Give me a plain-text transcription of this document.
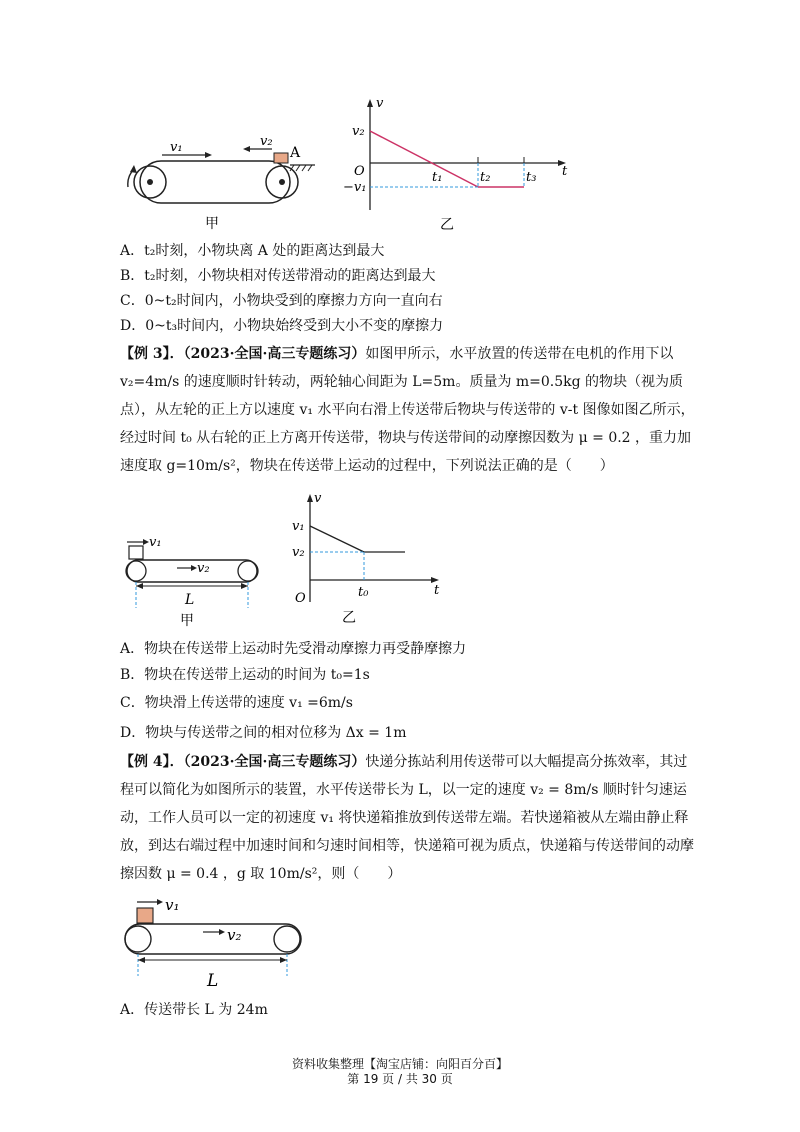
v₁	v₂
A
甲
v
t
O
v₂
−v₁
t₁	t₂	t₃
乙
A．t₂时刻，小物块离 A 处的距离达到最大
B．t₂时刻，小物块相对传送带滑动的距离达到最大
C．0~t₂时间内，小物块受到的摩擦力方向一直向右
D．0~t₃时间内，小物块始终受到大小不变的摩擦力
【例 3】．（2023·全国·高三专题练习）如图甲所示，水平放置的传送带在电机的作用下以 v₂=4m/s 的速度顺时针转动，两轮轴心间距为 L=5m。质量为 m=0.5kg 的物块（视为质点），从左轮的正上方以速度 v₁ 水平向右滑上传送带后物块与传送带的 v-t 图像如图乙所示，经过时间 t₀ 从右轮的正上方离开传送带，物块与传送带间的动摩擦因数为 μ = 0.2 ，重力加速度取 g=10m/s²，物块在传送带上运动的过程中，下列说法正确的是（　　）
v₁
v₂
L
甲
v
t
O
v₁
v₂
t₀
乙
A．物块在传送带上运动时先受滑动摩擦力再受静摩擦力
B．物块在传送带上运动的时间为 t₀=1s
C．物块滑上传送带的速度 v₁ =6m/s
D．物块与传送带之间的相对位移为 Δx = 1m
【例 4】．（2023·全国·高三专题练习）快递分拣站利用传送带可以大幅提高分拣效率，其过程可以简化为如图所示的装置，水平传送带长为 L，以一定的速度 v₂ = 8m/s 顺时针匀速运动，工作人员可以一定的初速度 v₁ 将快递箱推放到传送带左端。若快递箱被从左端由静止释放，到达右端过程中加速时间和匀速时间相等，快递箱可视为质点，快递箱与传送带间的动摩擦因数 μ = 0.4 ，g 取 10m/s²，则（　　）
v₁
v₂
L
A．传送带长 L 为 24m
资料收集整理【淘宝店铺：向阳百分百】
第 19 页 / 共 30 页
